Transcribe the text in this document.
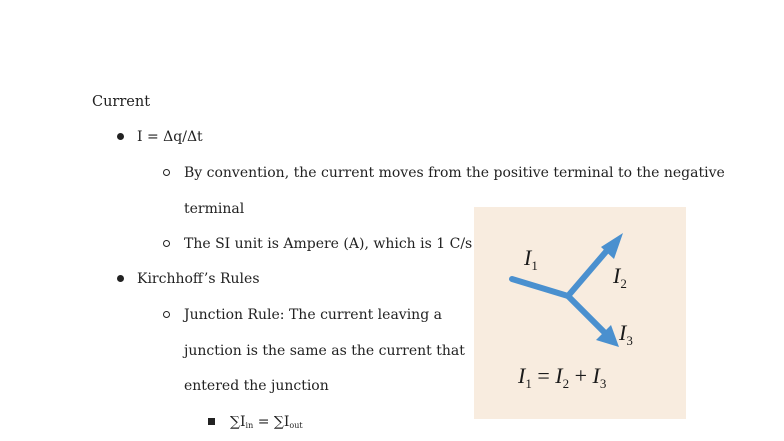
Current
I = Δq/Δt
By convention, the current moves from the positive terminal to the negative
terminal
The SI unit is Ampere (A), which is 1 C/s
Kirchhoff’s Rules
Junction Rule: The current leaving a
junction is the same as the current that
entered the junction
∑Iin = ∑Iout
$I_1$	$I_2$
$I_3$
$I_1 = I_2 + I_3$
